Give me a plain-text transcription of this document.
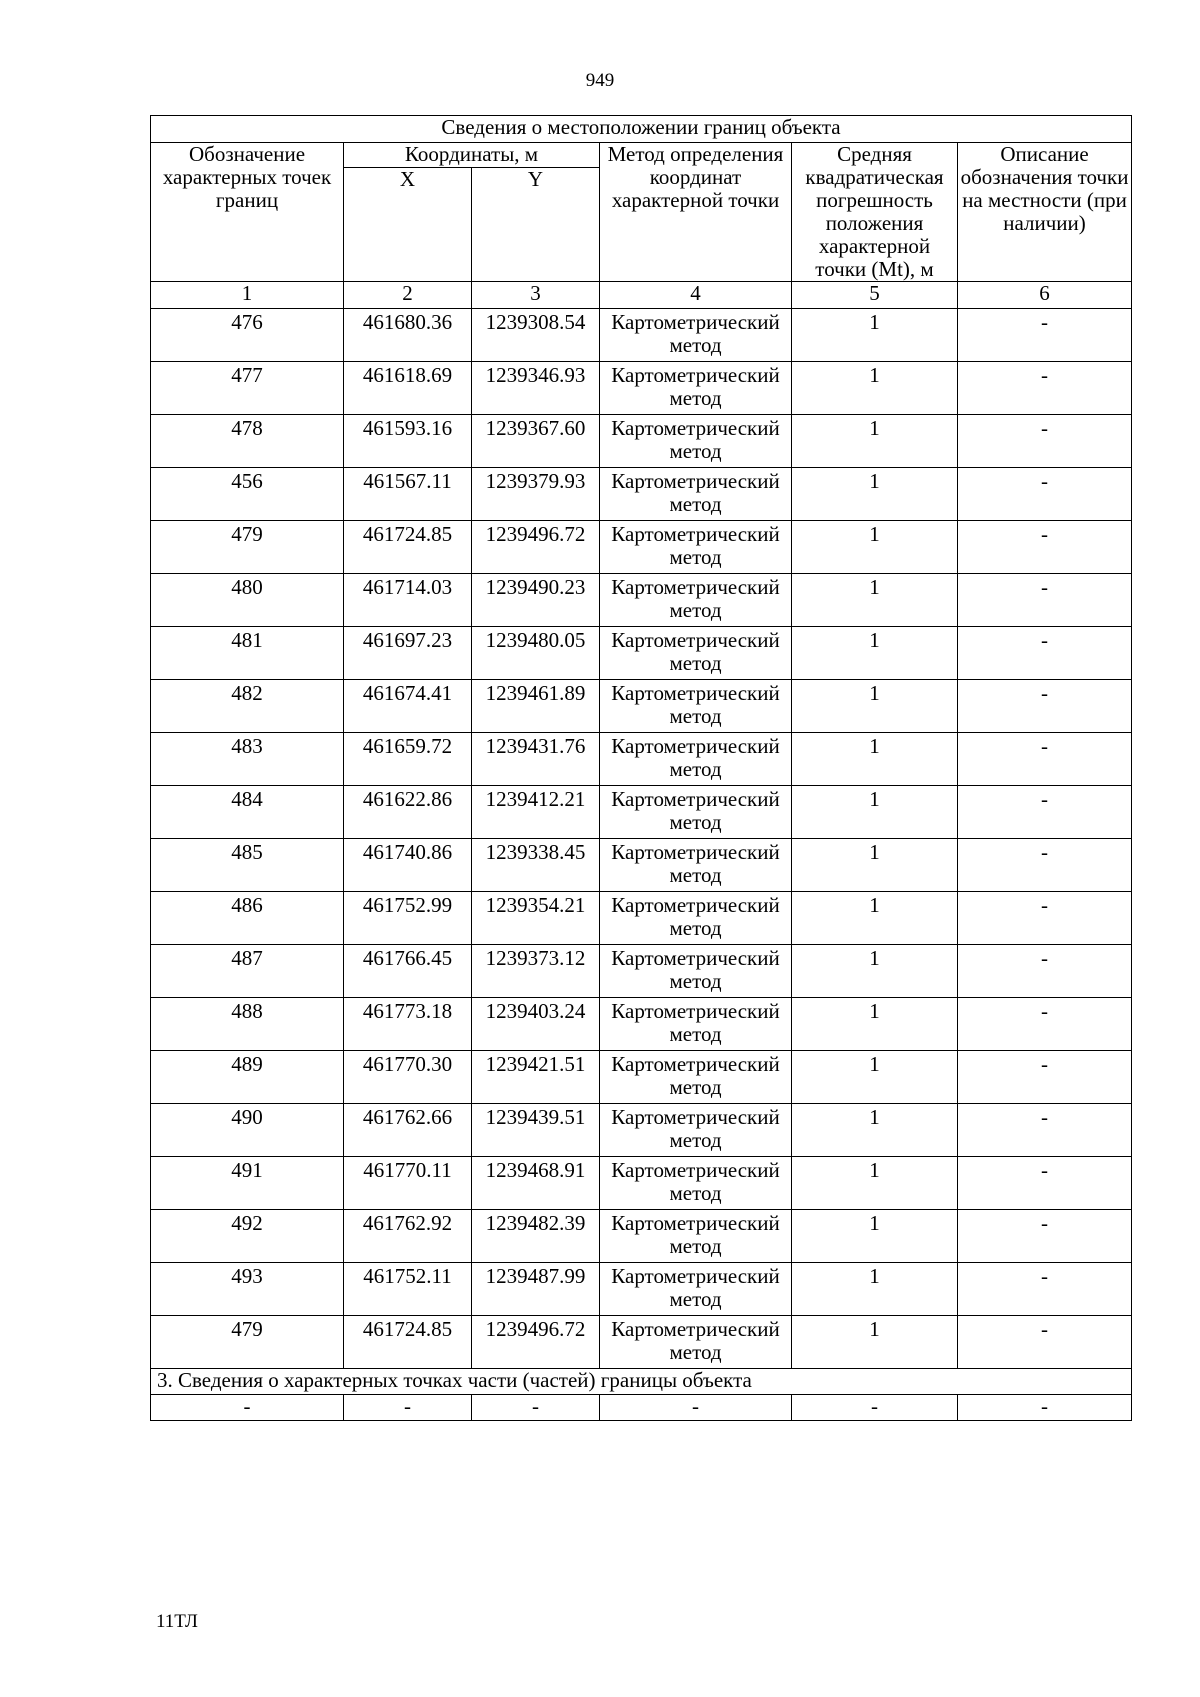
949
Сведения о местоположении границ объекта					
Обозначение характерных точек границ	Координаты, м		Метод определения координат характерной точки	Средняя квадратическая погрешность положения характерной точки (Mt), м	Описание обозначения точки на местности (при наличии)
	X	Y			
1	2	3	4	5	6
476	461680.36	1239308.54	Картометрический метод	1	-
477	461618.69	1239346.93	Картометрический метод	1	-
478	461593.16	1239367.60	Картометрический метод	1	-
456	461567.11	1239379.93	Картометрический метод	1	-
479	461724.85	1239496.72	Картометрический метод	1	-
480	461714.03	1239490.23	Картометрический метод	1	-
481	461697.23	1239480.05	Картометрический метод	1	-
482	461674.41	1239461.89	Картометрический метод	1	-
483	461659.72	1239431.76	Картометрический метод	1	-
484	461622.86	1239412.21	Картометрический метод	1	-
485	461740.86	1239338.45	Картометрический метод	1	-
486	461752.99	1239354.21	Картометрический метод	1	-
487	461766.45	1239373.12	Картометрический метод	1	-
488	461773.18	1239403.24	Картометрический метод	1	-
489	461770.30	1239421.51	Картометрический метод	1	-
490	461762.66	1239439.51	Картометрический метод	1	-
491	461770.11	1239468.91	Картометрический метод	1	-
492	461762.92	1239482.39	Картометрический метод	1	-
493	461752.11	1239487.99	Картометрический метод	1	-
479	461724.85	1239496.72	Картометрический метод	1	-
3. Сведения о характерных точках части (частей) границы объекта					
-	-	-	-	-	-
11ТЛ
